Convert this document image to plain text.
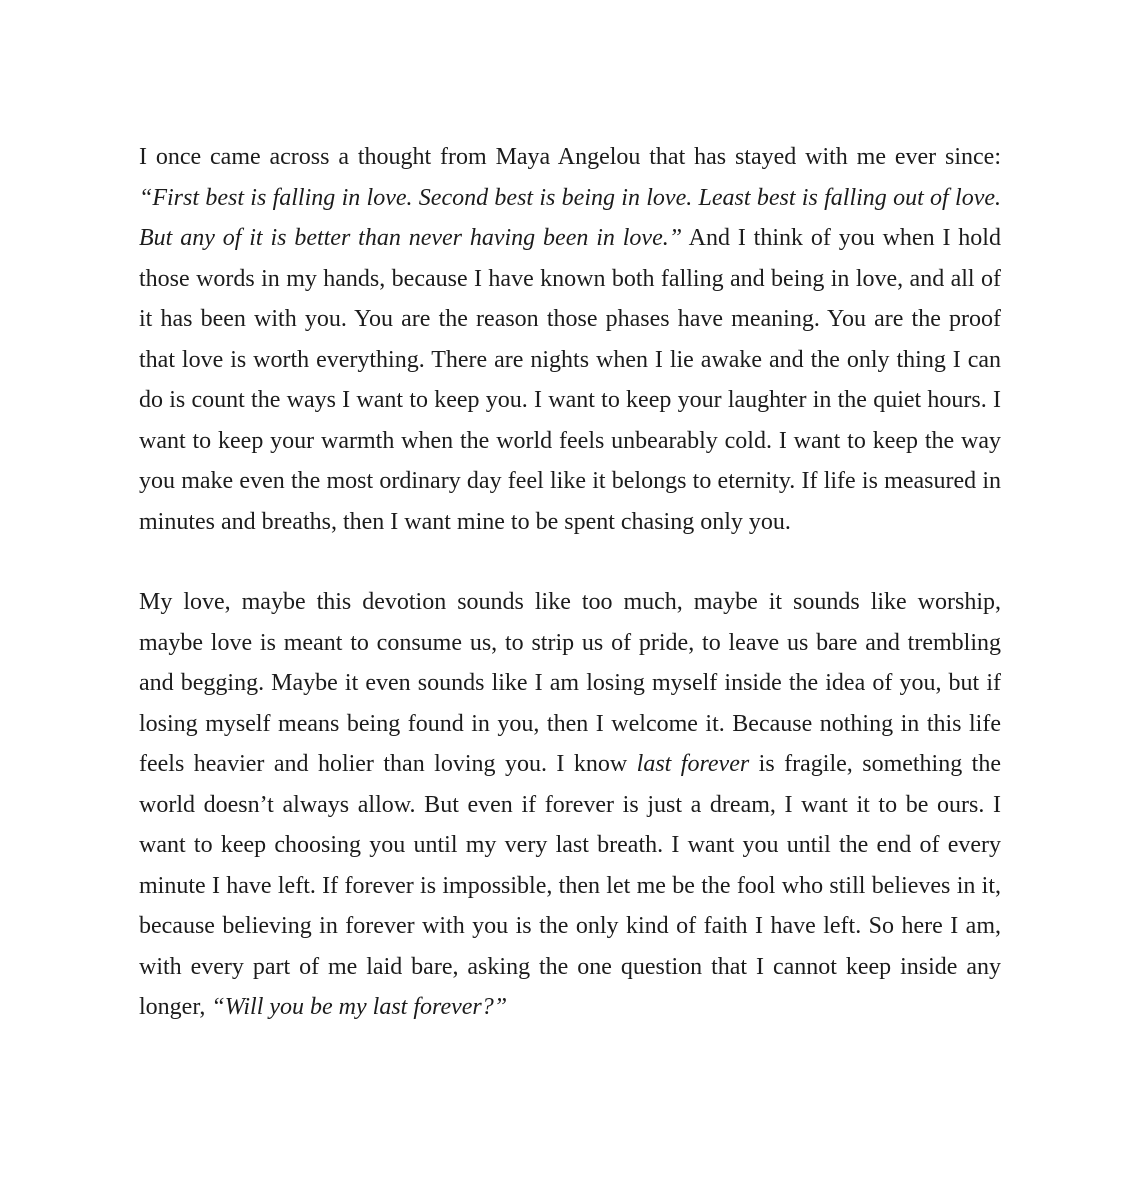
I once came across a thought from Maya Angelou that has stayed with me ever since: “First best is falling in love. Second best is being in love. Least best is falling out of love. But any of it is better than never having been in love.” And I think of you when I hold those words in my hands, because I have known both falling and being in love, and all of it has been with you. You are the reason those phases have meaning. You are the proof that love is worth everything. There are nights when I lie awake and the only thing I can do is count the ways I want to keep you. I want to keep your laughter in the quiet hours. I want to keep your warmth when the world feels unbearably cold. I want to keep the way you make even the most ordinary day feel like it belongs to eternity. If life is measured in minutes and breaths, then I want mine to be spent chasing only you.

My love, maybe this devotion sounds like too much, maybe it sounds like worship, maybe love is meant to consume us, to strip us of pride, to leave us bare and trembling and begging. Maybe it even sounds like I am losing myself inside the idea of you, but if losing myself means being found in you, then I welcome it. Because nothing in this life feels heavier and holier than loving you. I know last forever is fragile, something the world doesn’t always allow. But even if forever is just a dream, I want it to be ours. I want to keep choosing you until my very last breath. I want you until the end of every minute I have left. If forever is impossible, then let me be the fool who still believes in it, because believing in forever with you is the only kind of faith I have left. So here I am, with every part of me laid bare, asking the one question that I cannot keep inside any longer, “Will you be my last forever?”
